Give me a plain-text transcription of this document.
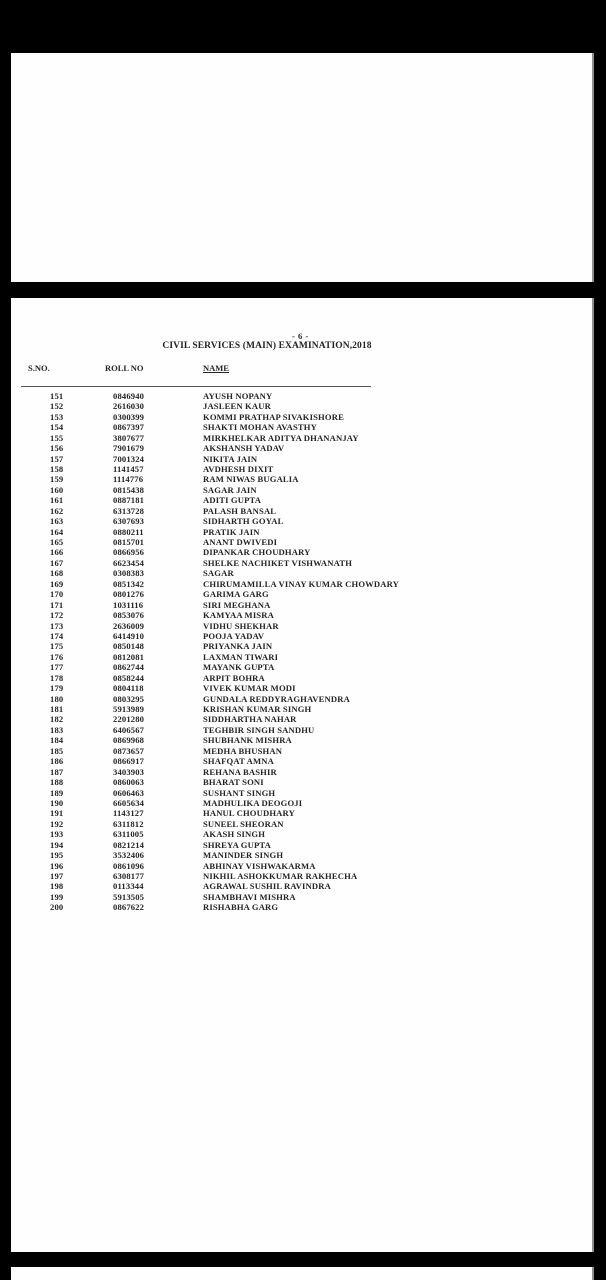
- 6 -
CIVIL SERVICES (MAIN) EXAMINATION,2018
S.NO.	ROLL NO	NAME
151	0846940	AYUSH NOPANY
152	2616030	JASLEEN KAUR
153	0300399	KOMMI PRATHAP SIVAKISHORE
154	0867397	SHAKTI MOHAN AVASTHY
155	3807677	MIRKHELKAR ADITYA DHANANJAY
156	7901679	AKSHANSH YADAV
157	7001324	NIKITA JAIN
158	1141457	AVDHESH DIXIT
159	1114776	RAM NIWAS BUGALIA
160	0815438	SAGAR JAIN
161	0887181	ADITI GUPTA
162	6313728	PALASH BANSAL
163	6307693	SIDHARTH GOYAL
164	0880211	PRATIK JAIN
165	0815701	ANANT DWIVEDI
166	0866956	DIPANKAR CHOUDHARY
167	6623454	SHELKE NACHIKET VISHWANATH
168	0308383	SAGAR
169	0851342	CHIRUMAMILLA VINAY KUMAR CHOWDARY
170	0801276	GARIMA GARG
171	1031116	SIRI MEGHANA
172	0853076	KAMYAA MISRA
173	2636009	VIDHU SHEKHAR
174	6414910	POOJA YADAV
175	0850148	PRIYANKA JAIN
176	0812081	LAXMAN TIWARI
177	0862744	MAYANK GUPTA
178	0858244	ARPIT BOHRA
179	0804118	VIVEK KUMAR MODI
180	0803295	GUNDALA REDDYRAGHAVENDRA
181	5913989	KRISHAN KUMAR SINGH
182	2201280	SIDDHARTHA NAHAR
183	6406567	TEGHBIR SINGH SANDHU
184	0869968	SHUBHANK MISHRA
185	0873657	MEDHA BHUSHAN
186	0866917	SHAFQAT AMNA
187	3403903	REHANA BASHIR
188	0860063	BHARAT SONI
189	0606463	SUSHANT SINGH
190	6605634	MADHULIKA DEOGOJI
191	1143127	HANUL CHOUDHARY
192	6311812	SUNEEL SHEORAN
193	6311005	AKASH SINGH
194	0821214	SHREYA GUPTA
195	3532406	MANINDER SINGH
196	0861096	ABHINAY VISHWAKARMA
197	6308177	NIKHIL ASHOKKUMAR RAKHECHA
198	0113344	AGRAWAL SUSHIL RAVINDRA
199	5913505	SHAMBHAVI MISHRA
200	0867622	RISHABHA GARG
